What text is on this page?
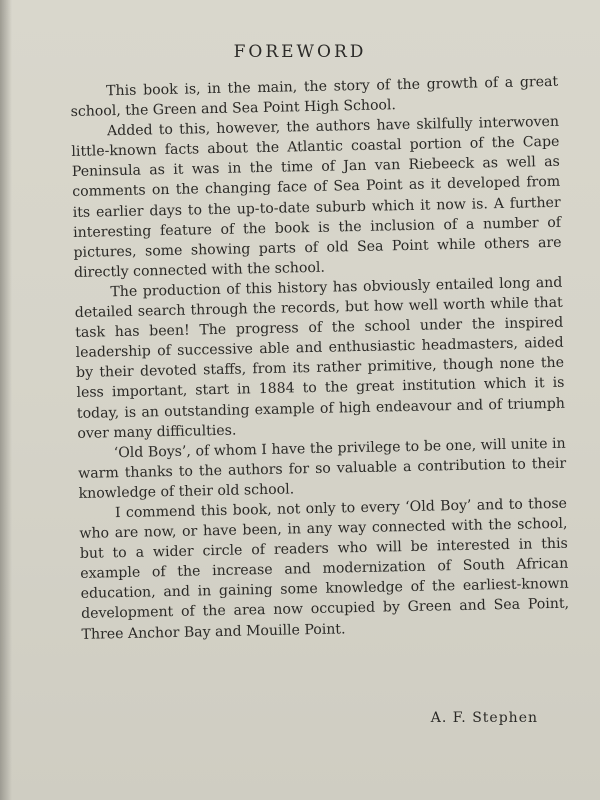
FOREWORD

This book is, in the main, the story of the growth of a great school, the Green and Sea Point High School.

Added to this, however, the authors have skilfully interwoven little-known facts about the Atlantic coastal portion of the Cape Peninsula as it was in the time of Jan van Riebeeck as well as comments on the changing face of Sea Point as it developed from its earlier days to the up-to-date suburb which it now is. A further interesting feature of the book is the inclusion of a number of pictures, some showing parts of old Sea Point while others are directly connected with the school.

The production of this history has obviously entailed long and detailed search through the records, but how well worth while that task has been! The progress of the school under the inspired leadership of successive able and enthusiastic headmasters, aided by their devoted staffs, from its rather primitive, though none the less important, start in 1884 to the great institution which it is today, is an outstanding example of high endeavour and of triumph over many difficulties.

‘Old Boys’, of whom I have the privilege to be one, will unite in warm thanks to the authors for so valuable a contribution to their knowledge of their old school.

I commend this book, not only to every ‘Old Boy’ and to those who are now, or have been, in any way connected with the school, but to a wider circle of readers who will be interested in this example of the increase and modernization of South African education, and in gaining some knowledge of the earliest-known development of the area now occupied by Green and Sea Point, Three Anchor Bay and Mouille Point.

A. F. Stephen
